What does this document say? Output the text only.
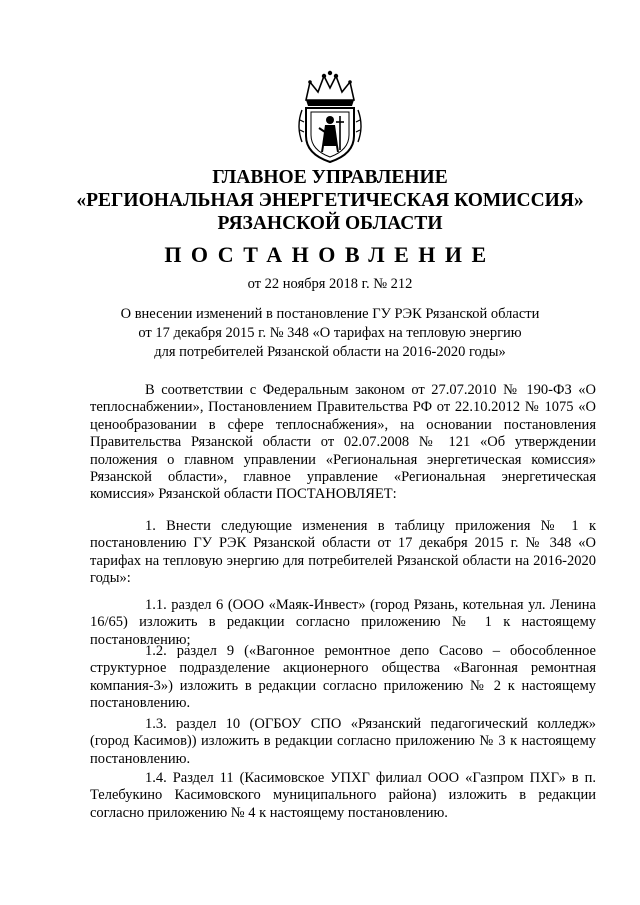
ГЛАВНОЕ УПРАВЛЕНИЕ
«РЕГИОНАЛЬНАЯ ЭНЕРГЕТИЧЕСКАЯ КОМИССИЯ»
РЯЗАНСКОЙ ОБЛАСТИ
ПОСТАНОВЛЕНИЕ
от 22 ноября 2018 г. № 212
О внесении изменений в постановление ГУ РЭК Рязанской области
от 17 декабря 2015 г. № 348 «О тарифах на тепловую энергию
для потребителей Рязанской области на 2016-2020 годы»
В соответствии с Федеральным законом от 27.07.2010 № 190-ФЗ «О теплоснабжении», Постановлением Правительства РФ от 22.10.2012 № 1075 «О ценообразовании в сфере теплоснабжения», на основании постановления Правительства Рязанской области от 02.07.2008 № 121 «Об утверждении положения о главном управлении «Региональная энергетическая комиссия» Рязанской области», главное управление «Региональная энергетическая комиссия» Рязанской области ПОСТАНОВЛЯЕТ:
1. Внести следующие изменения в таблицу приложения № 1 к постановлению ГУ РЭК Рязанской области от 17 декабря 2015 г. № 348 «О тарифах на тепловую энергию для потребителей Рязанской области на 2016-2020 годы»:
1.1. раздел 6 (ООО «Маяк-Инвест» (город Рязань, котельная ул. Ленина 16/65) изложить в редакции согласно приложению № 1 к настоящему постановлению;
1.2. раздел 9 («Вагонное ремонтное депо Сасово – обособленное структурное подразделение акционерного общества «Вагонная ремонтная компания-3») изложить в редакции согласно приложению № 2 к настоящему постановлению.
1.3. раздел 10 (ОГБОУ СПО «Рязанский педагогический колледж» (город Касимов)) изложить в редакции согласно приложению № 3 к настоящему постановлению.
1.4. Раздел 11 (Касимовское УПХГ филиал ООО «Газпром ПХГ» в п. Телебукино Касимовского муниципального района) изложить в редакции согласно приложению № 4 к настоящему постановлению.
